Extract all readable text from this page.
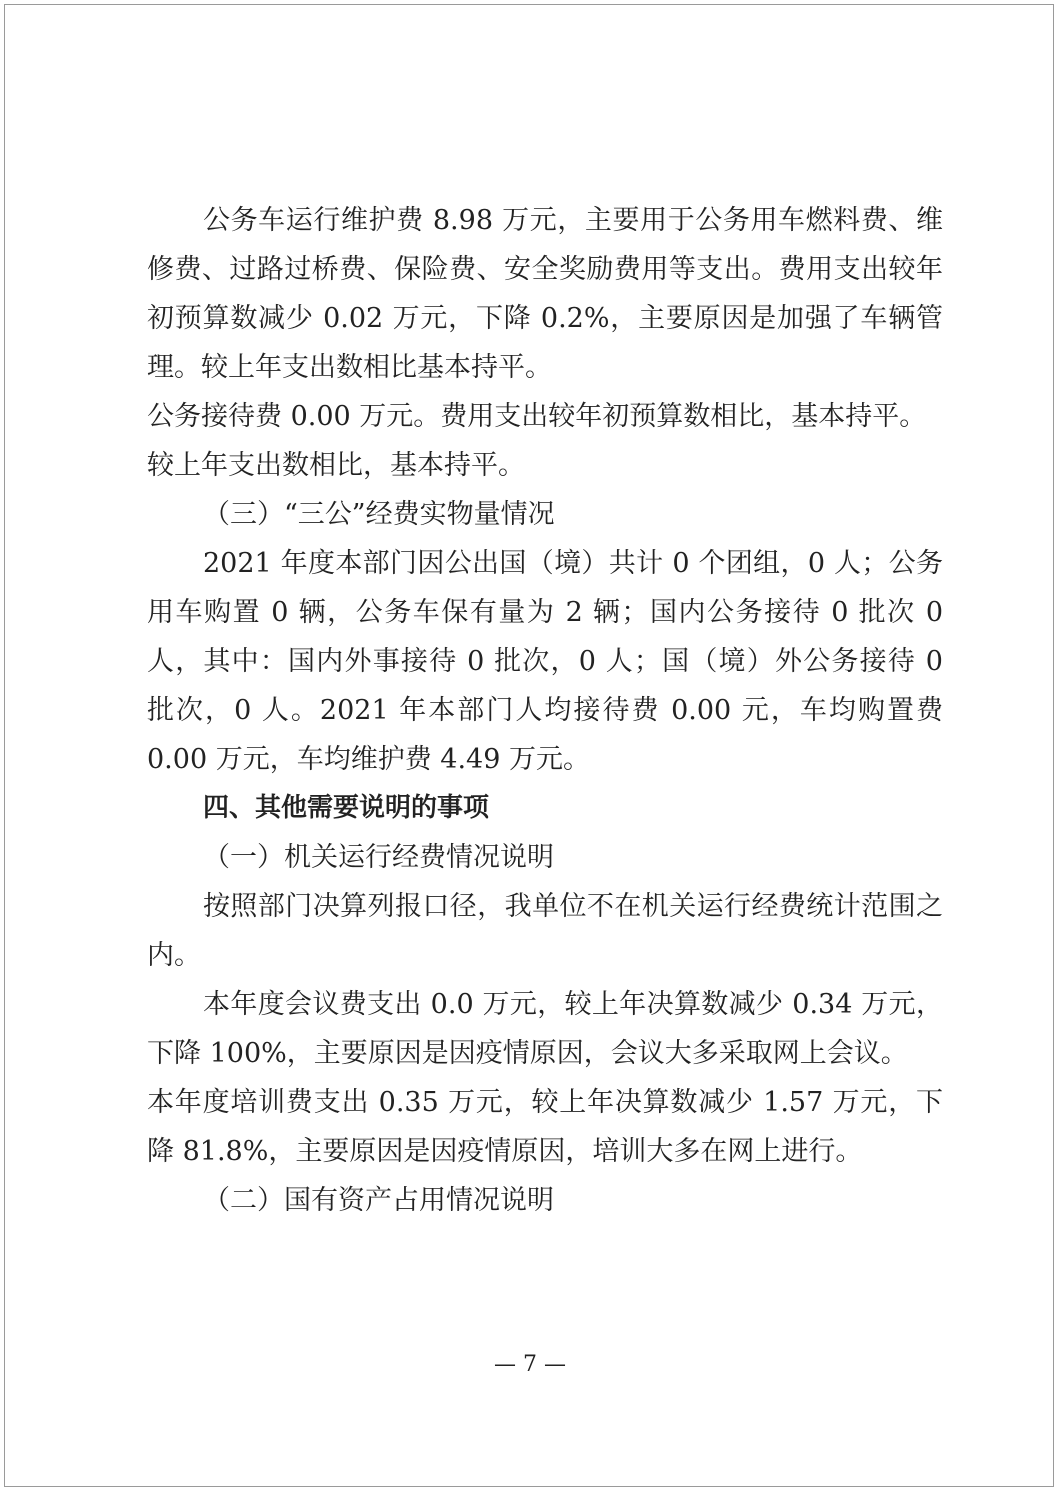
公务车运行维护费 8.98 万元，主要用于公务用车燃料费、维修费、过路过桥费、保险费、安全奖励费用等支出。费用支出较年初预算数减少 0.02 万元，下降 0.2%，主要原因是加强了车辆管理。较上年支出数相比基本持平。

公务接待费 0.00 万元。费用支出较年初预算数相比，基本持平。

较上年支出数相比，基本持平。

（三）“三公”经费实物量情况

2021 年度本部门因公出国（境）共计 0 个团组，0 人；公务用车购置 0 辆，公务车保有量为 2 辆；国内公务接待 0 批次 0 人，其中：国内外事接待 0 批次，0 人；国（境）外公务接待 0 批次，0 人。2021 年本部门人均接待费 0.00 元，车均购置费 0.00 万元，车均维护费 4.49 万元。

四、其他需要说明的事项

（一）机关运行经费情况说明

按照部门决算列报口径，我单位不在机关运行经费统计范围之内。

本年度会议费支出 0.0 万元，较上年决算数减少 0.34 万元，下降 100%，主要原因是因疫情原因，会议大多采取网上会议。

本年度培训费支出 0.35 万元，较上年决算数减少 1.57 万元，下降 81.8%，主要原因是因疫情原因，培训大多在网上进行。

（二）国有资产占用情况说明

— 7 —
